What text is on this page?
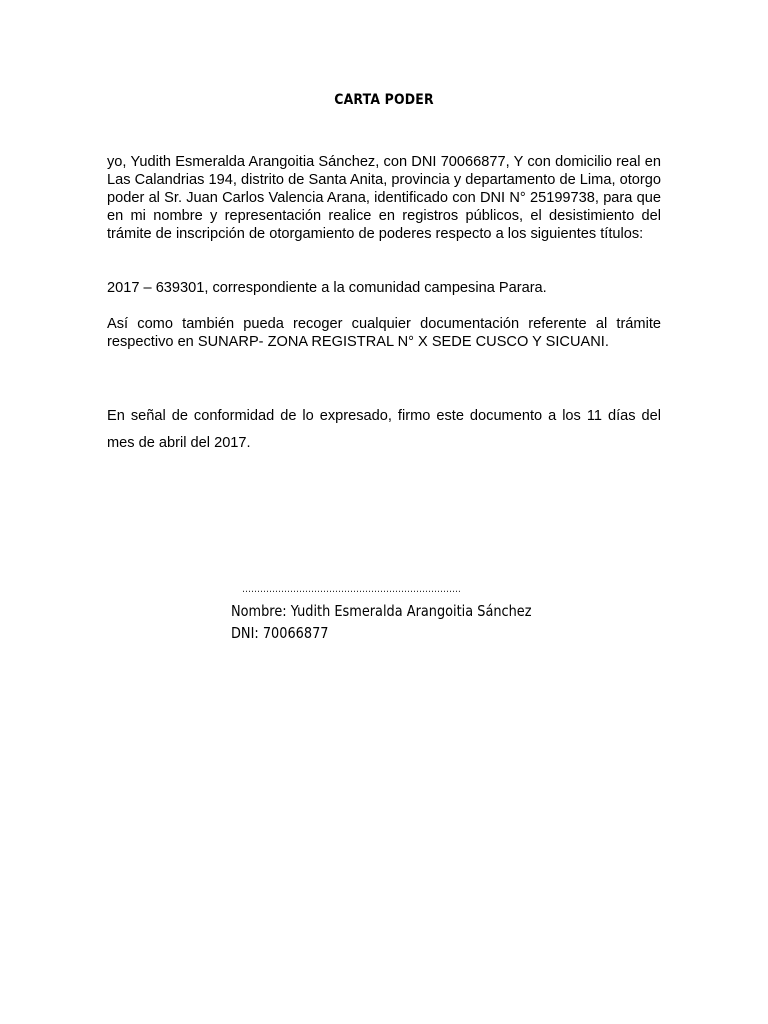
CARTA PODER

yo, Yudith Esmeralda Arangoitia Sánchez, con DNI 70066877, Y con domicilio real en Las Calandrias 194, distrito de Santa Anita, provincia y departamento de Lima, otorgo poder al Sr. Juan Carlos Valencia Arana, identificado con DNI N° 25199738, para que en mi nombre y representación realice en registros públicos, el desistimiento del trámite de inscripción de otorgamiento de poderes respecto a los siguientes títulos:

2017 – 639301, correspondiente a la comunidad campesina Parara.

Así como también pueda recoger cualquier documentación referente al trámite respectivo en SUNARP- ZONA REGISTRAL N° X SEDE CUSCO Y SICUANI.

En señal de conformidad de lo expresado, firmo este documento a los 11 días del mes de abril del 2017.

……………………………………………………………….
Nombre: Yudith Esmeralda Arangoitia Sánchez
DNI: 70066877
